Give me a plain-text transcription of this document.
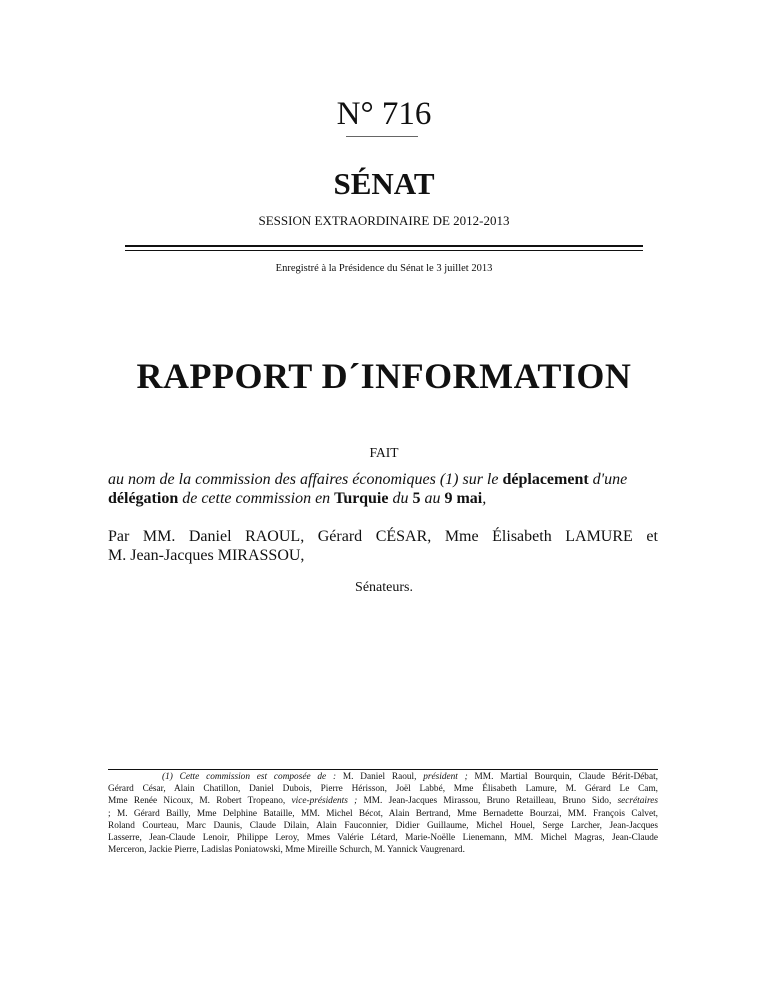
N° 716
SÉNAT
SESSION EXTRAORDINAIRE DE 2012-2013
Enregistré à la Présidence du Sénat le 3 juillet 2013
RAPPORT D´INFORMATION
FAIT
au nom de la commission des affaires économiques (1) sur le déplacement d'une
délégation de cette commission en Turquie du 5 au 9 mai,
Par MM. Daniel RAOUL, Gérard CÉSAR, Mme Élisabeth LAMURE et
M. Jean-Jacques MIRASSOU,
Sénateurs.
(1) Cette commission est composée de : M. Daniel Raoul, président ; MM. Martial Bourquin, Claude Bérit-Débat,
Gérard César, Alain Chatillon, Daniel Dubois, Pierre Hérisson, Joël Labbé, Mme Élisabeth Lamure, M. Gérard Le Cam,
Mme Renée Nicoux, M. Robert Tropeano, vice-présidents ; MM. Jean-Jacques Mirassou, Bruno Retailleau, Bruno Sido, secrétaires
; M. Gérard Bailly, Mme Delphine Bataille, MM. Michel Bécot, Alain Bertrand, Mme Bernadette Bourzai, MM. François Calvet,
Roland Courteau, Marc Daunis, Claude Dilain, Alain Fauconnier, Didier Guillaume, Michel Houel, Serge Larcher, Jean-Jacques
Lasserre, Jean-Claude Lenoir, Philippe Leroy, Mmes Valérie Létard, Marie-Noëlle Lienemann, MM. Michel Magras, Jean-Claude
Merceron, Jackie Pierre, Ladislas Poniatowski, Mme Mireille Schurch, M. Yannick Vaugrenard.
